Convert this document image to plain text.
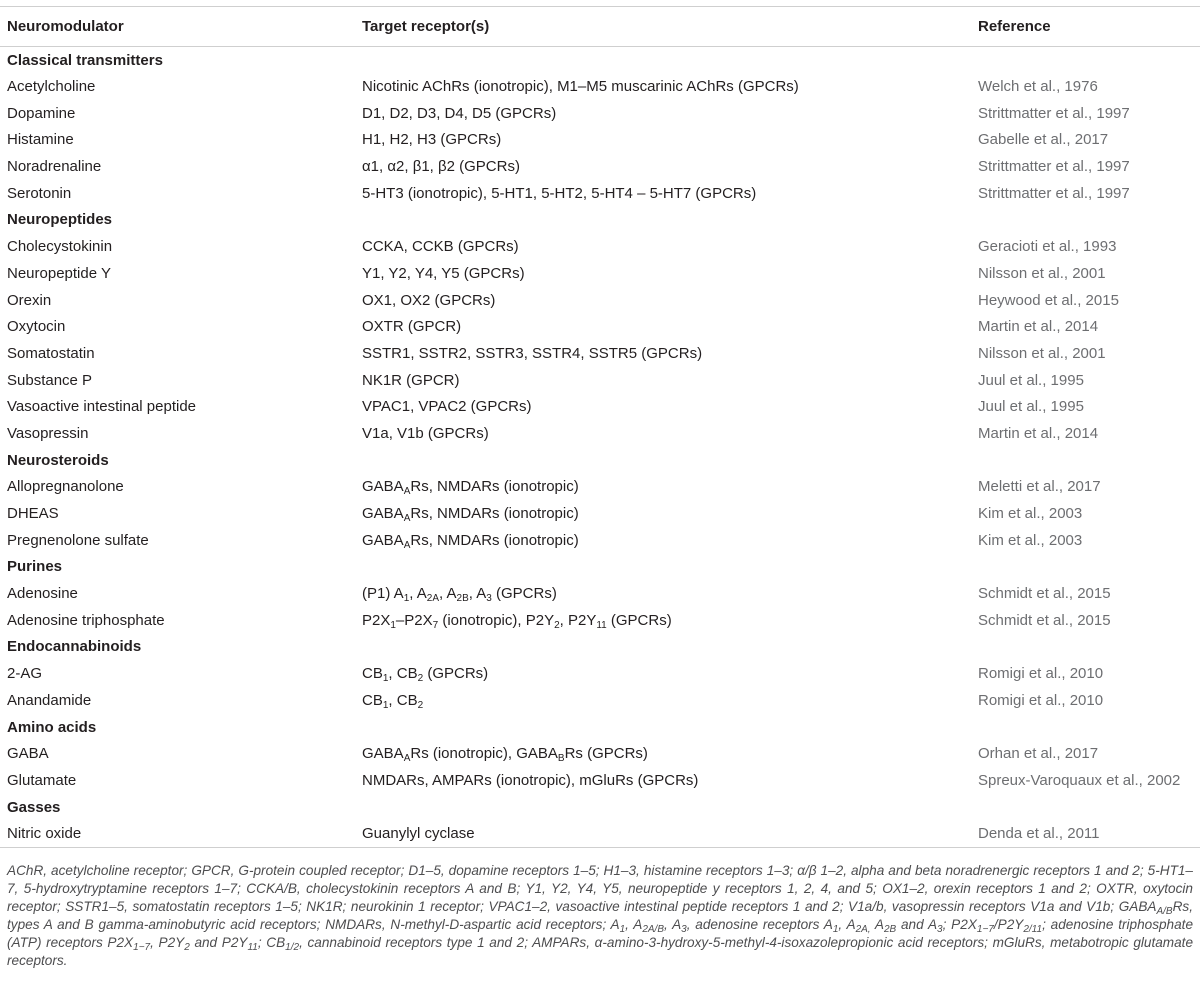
Neuromodulator	Target receptor(s)	Reference
Classical transmitters		
Acetylcholine	Nicotinic AChRs (ionotropic), M1–M5 muscarinic AChRs (GPCRs)	Welch et al., 1976
Dopamine	D1, D2, D3, D4, D5 (GPCRs)	Strittmatter et al., 1997
Histamine	H1, H2, H3 (GPCRs)	Gabelle et al., 2017
Noradrenaline	α1, α2, β1, β2 (GPCRs)	Strittmatter et al., 1997
Serotonin	5-HT3 (ionotropic), 5-HT1, 5-HT2, 5-HT4 – 5-HT7 (GPCRs)	Strittmatter et al., 1997
Neuropeptides		
Cholecystokinin	CCKA, CCKB (GPCRs)	Geracioti et al., 1993
Neuropeptide Y	Y1, Y2, Y4, Y5 (GPCRs)	Nilsson et al., 2001
Orexin	OX1, OX2 (GPCRs)	Heywood et al., 2015
Oxytocin	OXTR (GPCR)	Martin et al., 2014
Somatostatin	SSTR1, SSTR2, SSTR3, SSTR4, SSTR5 (GPCRs)	Nilsson et al., 2001
Substance P	NK1R (GPCR)	Juul et al., 1995
Vasoactive intestinal peptide	VPAC1, VPAC2 (GPCRs)	Juul et al., 1995
Vasopressin	V1a, V1b (GPCRs)	Martin et al., 2014
Neurosteroids		
Allopregnanolone	$GABA_ARs$, NMDARs (ionotropic)	Meletti et al., 2017
DHEAS	$GABA_ARs$, NMDARs (ionotropic)	Kim et al., 2003
Pregnenolone sulfate	$GABA_ARs$, NMDARs (ionotropic)	Kim et al., 2003
Purines		
Adenosine	(P1) $A_1$, $A_{2A}$, $A_{2B}$, $A_3$ (GPCRs)	Schmidt et al., 2015
Adenosine triphosphate	$P2X_1-P2X_7$ (ionotropic), $P2Y_2$, $P2Y_{11}$ (GPCRs)	Schmidt et al., 2015
Endocannabinoids		
2-AG	$CB_1$, $CB_2$ (GPCRs)	Romigi et al., 2010
Anandamide	$CB_1$, $CB_2$	Romigi et al., 2010
Amino acids		
GABA	$GABA_ARs$ (ionotropic), $GABA_BRs$ (GPCRs)	Orhan et al., 2017
Glutamate	NMDARs, AMPARs (ionotropic), mGluRs (GPCRs)	Spreux-Varoquaux et al., 2002
Gasses		
Nitric oxide	Guanylyl cyclase	Denda et al., 2011
AChR, acetylcholine receptor; GPCR, G-protein coupled receptor; D1–5, dopamine receptors 1–5; H1–3, histamine receptors 1–3; α/β 1–2, alpha and beta noradrenergic receptors 1 and 2; 5-HT1–7, 5-hydroxytryptamine receptors 1–7; CCKA/B, cholecystokinin receptors A and B; Y1, Y2, Y4, Y5, neuropeptide y receptors 1, 2, 4, and 5; OX1–2, orexin receptors 1 and 2; OXTR, oxytocin receptor; SSTR1–5, somatostatin receptors 1–5; NK1R; neurokinin 1 receptor; VPAC1–2, vasoactive intestinal peptide receptors 1 and 2; V1a/b, vasopressin receptors V1a and V1b; $GABA_{A/B}Rs$, types A and B gamma-aminobutyric acid receptors; NMDARs, N-methyl-D-aspartic acid receptors; $A_1$, $A_{2A/B}$, $A_3$, adenosine receptors $A_1$, $A_{2A,}$ $A_{2B}$ and $A_3$; $P2X_{1-7}/P2Y_{2/11}$; adenosine triphosphate (ATP) receptors $P2X_{1-7}$, $P2Y_2$ and $P2Y_{11}$; $CB_{1/2}$, cannabinoid receptors type 1 and 2; AMPARs, α-amino-3-hydroxy-5-methyl-4-isoxazolepropionic acid receptors; mGluRs, metabotropic glutamate receptors.
